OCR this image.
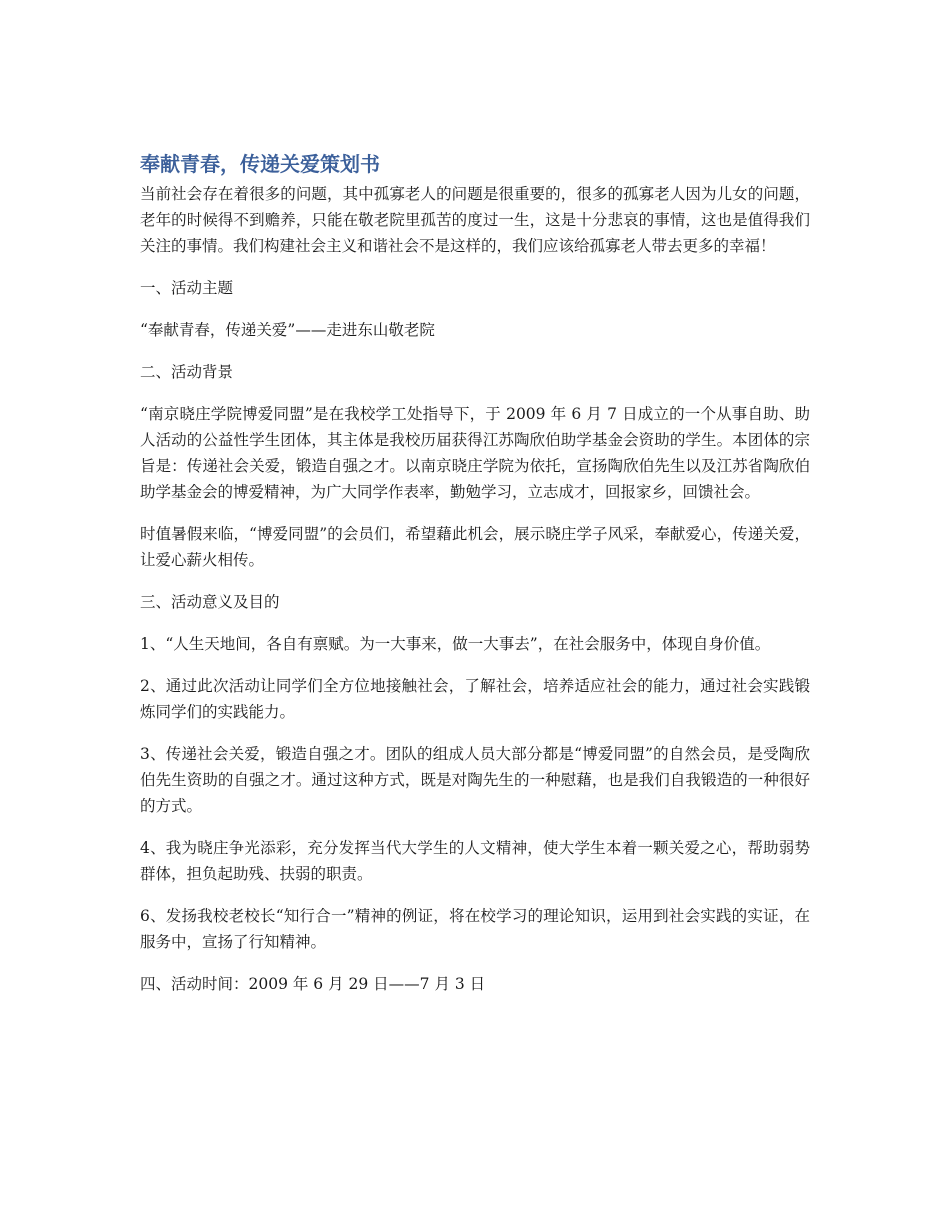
奉献青春，传递关爱策划书

当前社会存在着很多的问题，其中孤寡老人的问题是很重要的，很多的孤寡老人因为儿女的问题，老年的时候得不到赡养，只能在敬老院里孤苦的度过一生，这是十分悲哀的事情，这也是值得我们关注的事情。我们构建社会主义和谐社会不是这样的，我们应该给孤寡老人带去更多的幸福！

一、活动主题

“奉献青春，传递关爱”——走进东山敬老院

二、活动背景

“南京晓庄学院博爱同盟”是在我校学工处指导下，于 2009 年 6 月 7 日成立的一个从事自助、助人活动的公益性学生团体，其主体是我校历届获得江苏陶欣伯助学基金会资助的学生。本团体的宗旨是：传递社会关爱，锻造自强之才。以南京晓庄学院为依托，宣扬陶欣伯先生以及江苏省陶欣伯助学基金会的博爱精神，为广大同学作表率，勤勉学习，立志成才，回报家乡，回馈社会。

时值暑假来临，“博爱同盟”的会员们，希望藉此机会，展示晓庄学子风采，奉献爱心，传递关爱，让爱心薪火相传。

三、活动意义及目的

1、“人生天地间，各自有禀赋。为一大事来，做一大事去”，在社会服务中，体现自身价值。

2、通过此次活动让同学们全方位地接触社会，了解社会，培养适应社会的能力，通过社会实践锻炼同学们的实践能力。

3、传递社会关爱，锻造自强之才。团队的组成人员大部分都是“博爱同盟”的自然会员，是受陶欣伯先生资助的自强之才。通过这种方式，既是对陶先生的一种慰藉，也是我们自我锻造的一种很好的方式。

4、我为晓庄争光添彩，充分发挥当代大学生的人文精神，使大学生本着一颗关爱之心，帮助弱势群体，担负起助残、扶弱的职责。

6、发扬我校老校长“知行合一”精神的例证，将在校学习的理论知识，运用到社会实践的实证，在服务中，宣扬了行知精神。

四、活动时间：2009 年 6 月 29 日——7 月 3 日
